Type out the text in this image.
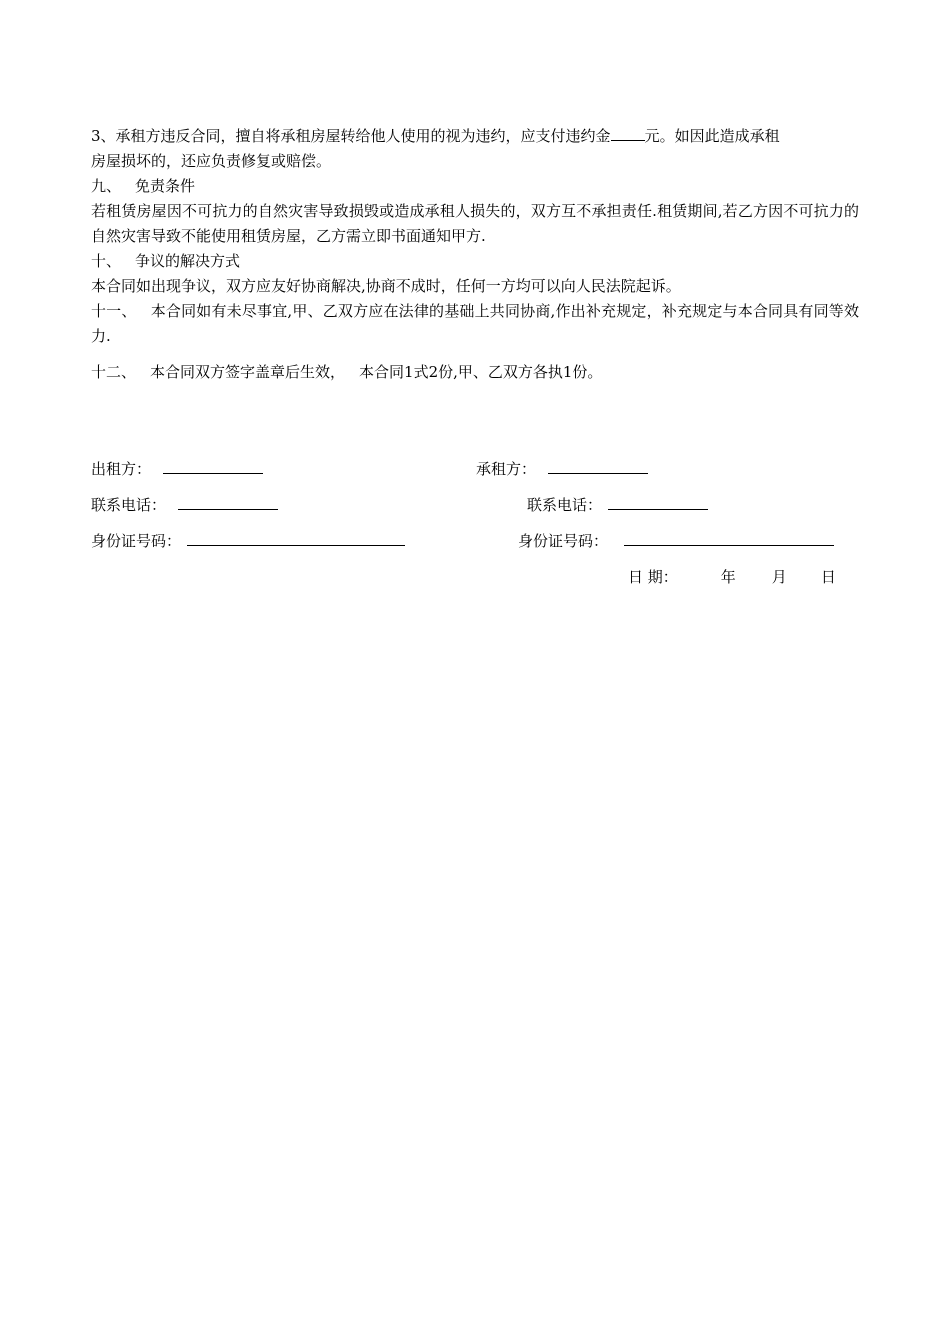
3、承租方违反合同，擅自将承租房屋转给他人使用的视为违约，应支付违约金 元。如因此造成承租
房屋损坏的，还应负责修复或赔偿。
九、 免责条件
若租赁房屋因不可抗力的自然灾害导致损毁或造成承租人损失的，双方互不承担责任.租赁期间,若乙方因不可抗力的自然灾害导致不能使用租赁房屋，乙方需立即书面通知甲方.
十、 争议的解决方式
本合同如出现争议，双方应友好协商解决,协商不成时，任何一方均可以向人民法院起诉。
十一、 本合同如有未尽事宜,甲、乙双方应在法律的基础上共同协商,作出补充规定，补充规定与本合同具有同等效力.
十二、 本合同双方签字盖章后生效， 本合同1式2份,甲、乙双方各执1份。
出租方：	承租方：
联系电话：	联系电话：
身份证号码：	身份证号码：
日 期：	年 月 日
